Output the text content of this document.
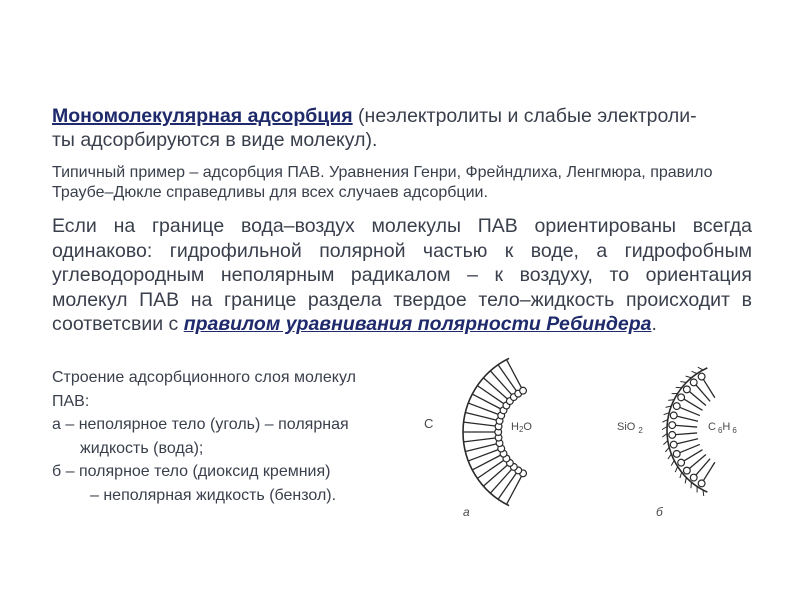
Мономолекулярная адсорбция (неэлектролиты и слабые электроли-
ты адсорбируются в виде молекул).
Типичный пример – адсорбция ПАВ. Уравнения Генри, Фрейндлиха, Ленгмюра, правило
Траубе–Дюкле справедливы для всех случаев адсорбции.
Если на границе вода–воздух молекулы ПАВ ориентированы всегда
одинаково: гидрофильной полярной частью к воде, а гидрофобным
углеводородным неполярным радикалом – к воздуху, то ориентация
молекул ПАВ на границе раздела твердое тело–жидкость происходит в
соответсвии с правилом уравнивания полярности Ребиндера.
Строение адсорбционного слоя молекул
ПАВ:
а – неполярное тело (уголь) – полярная
жидкость (вода);
б – полярное тело (диоксид кремния)
– неполярная жидкость (бензол).
C	H2O
а
SiO $_2$	C $_6$H $_6$
б
